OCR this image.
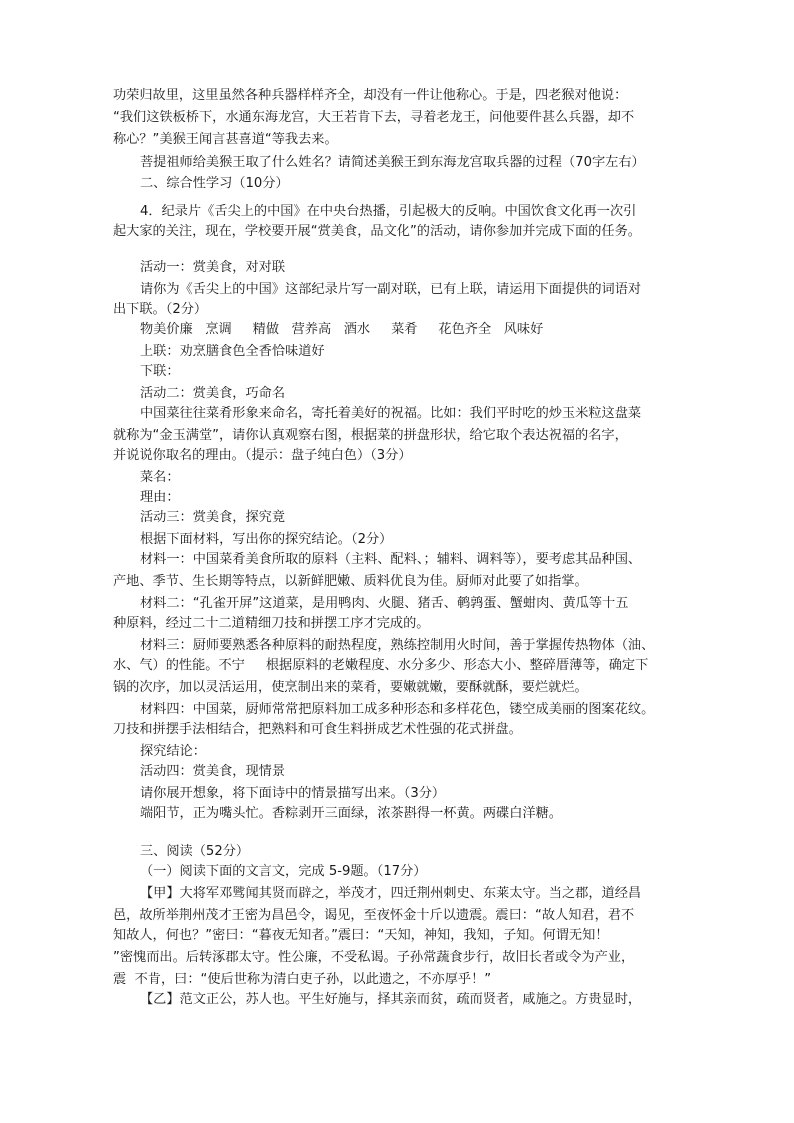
功荣归故里，这里虽然各种兵器样样齐全，却没有一件让他称心。于是，四老猴对他说：
“我们这铁板桥下，水通东海龙宫，大王若肯下去，寻着老龙王，问他要件甚么兵器，却不
称心？”美猴王闻言甚喜道“等我去来。
菩提祖师给美猴王取了什么姓名？请简述美猴王到东海龙宫取兵器的过程（70字左右）
二、综合性学习（10分）
4．纪录片《舌尖上的中国》在中央台热播，引起极大的反响。中国饮食文化再一次引
起大家的关注，现在，学校要开展“赏美食，品文化”的活动，请你参加并完成下面的任务。
活动一：赏美食，对对联
请你为《舌尖上的中国》这部纪录片写一副对联，已有上联，请运用下面提供的词语对
出下联。（2分）
物美价廉   烹调     精做   营养高   酒水     菜肴     花色齐全   风味好
上联：劝烹膳食色全香恰味道好
下联：
活动二：赏美食，巧命名
中国菜往往菜肴形象来命名，寄托着美好的祝福。比如：我们平时吃的炒玉米粒这盘菜
就称为“金玉满堂”，请你认真观察右图，根据菜的拼盘形状，给它取个表达祝福的名字，
并说说你取名的理由。（提示：盘子纯白色）（3分）
菜名：
理由：
活动三：赏美食，探究竟
根据下面材料，写出你的探究结论。（2分）
材料一：中国菜肴美食所取的原料（主料、配料、；辅料、调料等），要考虑其品种国、
产地、季节、生长期等特点，以新鲜肥嫩、质料优良为佳。厨师对此要了如指掌。
材料二：“孔雀开屏”这道菜，是用鸭肉、火腿、猪舌、鹌鹑蛋、蟹蚶肉、黄瓜等十五
种原料，经过二十二道精细刀技和拼摆工序才完成的。
材料三：厨师要熟悉各种原料的耐热程度，熟练控制用火时间，善于掌握传热物体（油、
水、气）的性能。不宁     根据原料的老嫩程度、水分多少、形态大小、整碎厝薄等，确定下
锅的次序，加以灵活运用，使烹制出来的菜肴，要嫩就嫩，要酥就酥，要烂就烂。
材料四：中国菜，厨师常常把原料加工成多种形态和多样花色，镂空成美丽的图案花纹。
刀技和拼摆手法相结合，把熟料和可食生料拼成艺术性强的花式拼盘。
探究结论：
活动四：赏美食，现情景
请你展开想象，将下面诗中的情景描写出来。（3分）
端阳节，正为嘴头忙。香粽剥开三面绿，浓茶斟得一杯黄。两碟白洋糖。
三、阅读（52分）
（一）阅读下面的文言文，完成 5-9题。（17分）
【甲】大将军邓骘闻其贤而辟之，举茂才，四迁荆州刺史、东莱太守。当之郡，道经昌
邑，故所举荆州茂才王密为昌邑令，谒见，至夜怀金十斤以遗震。震曰：“故人知君，君不
知故人，何也？”密曰：“暮夜无知者。”震曰：“天知，神知，我知，子知。何谓无知！
”密愧而出。后转涿郡太守。性公廉，不受私谒。子孙常蔬食步行，故旧长者或令为产业，
震  不肯，曰：“使后世称为清白吏子孙，以此遗之，不亦厚乎！”
【乙】范文正公，苏人也。平生好施与，择其亲而贫，疏而贤者，咸施之。方贵显时，
